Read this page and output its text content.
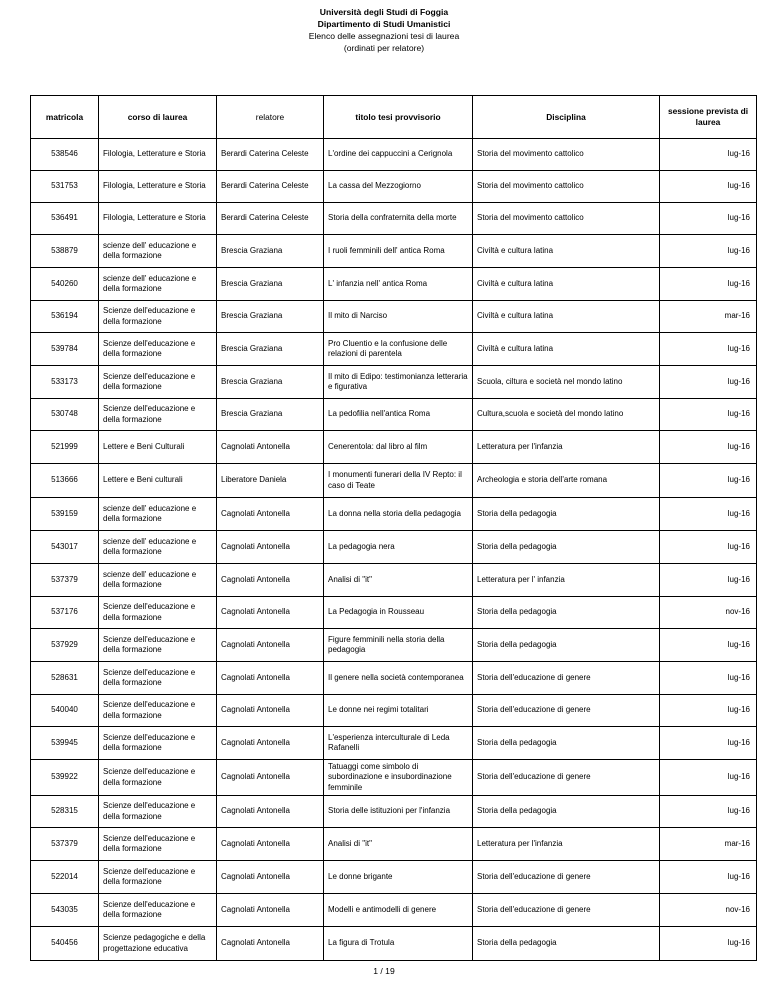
Università degli Studi di Foggia
Dipartimento di Studi Umanistici
Elenco delle assegnazioni tesi di laurea
(ordinati per relatore)
matricola	corso di laurea	relatore	titolo tesi provvisorio	Disciplina	sessione prevista di laurea
538546	Filologia, Letterature e Storia	Berardi Caterina Celeste	L'ordine dei cappuccini a Cerignola	Storia del movimento cattolico	lug-16
531753	Filologia, Letterature e Storia	Berardi Caterina Celeste	La cassa del Mezzogiorno	Storia del movimento cattolico	lug-16
536491	Filologia, Letterature e Storia	Berardi Caterina Celeste	Storia della confraternita della morte	Storia del movimento cattolico	lug-16
538879	scienze dell' educazione e della formazione	Brescia Graziana	I ruoli femminili dell' antica Roma	Civiltà e cultura latina	lug-16
540260	scienze dell' educazione e della formazione	Brescia Graziana	L' infanzia nell' antica Roma	Civiltà e cultura latina	lug-16
536194	Scienze dell'educazione e della formazione	Brescia Graziana	Il mito di Narciso	Civiltà e cultura latina	mar-16
539784	Scienze dell'educazione e della formazione	Brescia Graziana	Pro Cluentio e la confusione delle relazioni di parentela	Civiltà e cultura latina	lug-16
533173	Scienze dell'educazione e della formazione	Brescia Graziana	Il mito di Edipo: testimonianza letteraria e figurativa	Scuola, ciltura e società nel mondo latino	lug-16
530748	Scienze dell'educazione e della formazione	Brescia Graziana	La pedofilia nell'antica Roma	Cultura,scuola e società del mondo latino	lug-16
521999	Lettere e Beni Culturali	Cagnolati Antonella	Cenerentola: dal libro al film	Letteratura per l'infanzia	lug-16
513666	Lettere e Beni culturali	Liberatore Daniela	I monumenti funerari della IV Repto: il caso di Teate	Archeologia e storia dell'arte romana	lug-16
539159	scienze dell' educazione e della formazione	Cagnolati Antonella	La donna nella storia della pedagogia	Storia della pedagogia	lug-16
543017	scienze dell' educazione e della formazione	Cagnolati Antonella	La pedagogia nera	Storia della pedagogia	lug-16
537379	scienze dell' educazione e della formazione	Cagnolati Antonella	Analisi di "it"	Letteratura per l' infanzia	lug-16
537176	Scienze dell'educazione e della formazione	Cagnolati Antonella	La Pedagogia in Rousseau	Storia della pedagogia	nov-16
537929	Scienze dell'educazione e della formazione	Cagnolati Antonella	Figure femminili nella storia della pedagogia	Storia della pedagogia	lug-16
528631	Scienze dell'educazione e della formazione	Cagnolati Antonella	Il genere nella società contemporanea	Storia dell'educazione di genere	lug-16
540040	Scienze dell'educazione e della formazione	Cagnolati Antonella	Le donne nei regimi totalitari	Storia dell'educazione di genere	lug-16
539945	Scienze dell'educazione e della formazione	Cagnolati Antonella	L'esperienza interculturale di Leda Rafanelli	Storia della pedagogia	lug-16
539922	Scienze dell'educazione e della formazione	Cagnolati Antonella	Tatuaggi come simbolo di subordinazione e insubordinazione femminile	Storia dell'educazione di genere	lug-16
528315	Scienze dell'educazione e della formazione	Cagnolati Antonella	Storia delle istituzioni per l'infanzia	Storia della pedagogia	lug-16
537379	Scienze dell'educazione e della formazione	Cagnolati Antonella	Analisi di "it"	Letteratura per l'infanzia	mar-16
522014	Scienze dell'educazione e della formazione	Cagnolati Antonella	Le donne brigante	Storia dell'educazione di genere	lug-16
543035	Scienze dell'educazione e della formazione	Cagnolati Antonella	Modelli e antimodelli di genere	Storia dell'educazione di genere	nov-16
540456	Scienze pedagogiche e della progettazione educativa	Cagnolati Antonella	La figura di Trotula	Storia della pedagogia	lug-16
1 / 19
